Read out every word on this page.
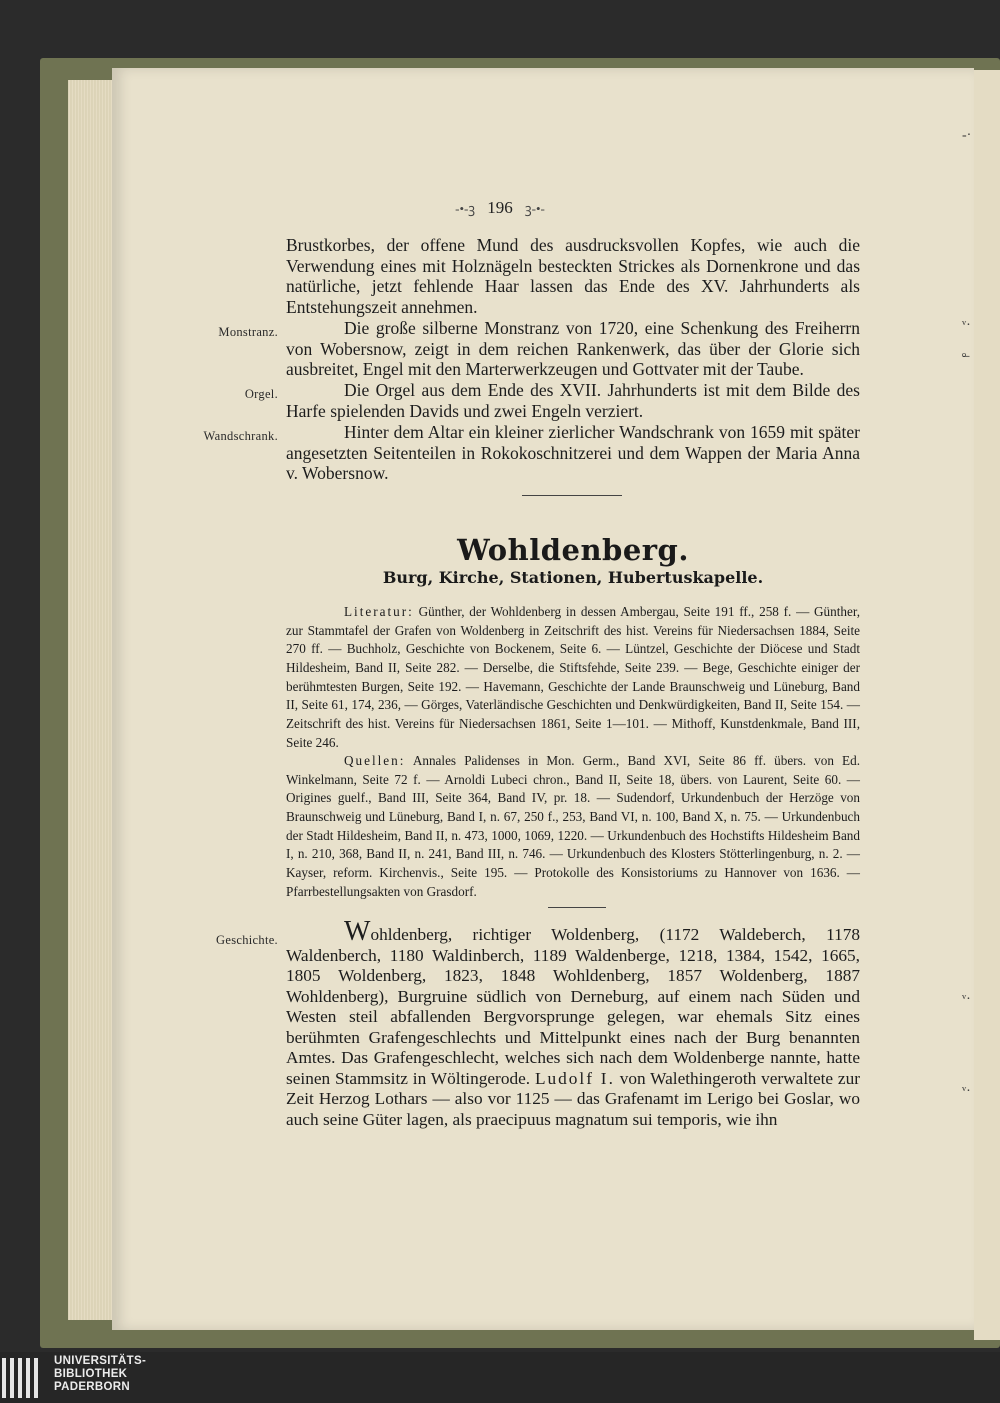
-·
ᵛ·
ᵒ̶
ᵛ·
ᵛ·
-•-ꝫ 196 ꝫ-•-
Brustkorbes, der offene Mund des ausdrucksvollen Kopfes, wie auch die Verwendung eines mit Holznägeln besteckten Strickes als Dornenkrone und das natürliche, jetzt fehlende Haar lassen das Ende des XV. Jahrhunderts als Entstehungszeit annehmen.
Monstranz.	Die große silberne Monstranz von 1720, eine Schenkung des Freiherrn von Wobersnow, zeigt in dem reichen Rankenwerk, das über der Glorie sich ausbreitet, Engel mit den Marterwerkzeugen und Gottvater mit der Taube.
Orgel.	Die Orgel aus dem Ende des XVII. Jahrhunderts ist mit dem Bilde des Harfe spielenden Davids und zwei Engeln verziert.
Wandschrank.	Hinter dem Altar ein kleiner zierlicher Wandschrank von 1659 mit später angesetzten Seitenteilen in Rokokoschnitzerei und dem Wappen der Maria Anna v. Wobersnow.
Wohldenberg.
Burg, Kirche, Stationen, Hubertuskapelle.
Literatur: Günther, der Wohldenberg in dessen Ambergau, Seite 191 ff., 258 f. — Günther, zur Stammtafel der Grafen von Woldenberg in Zeitschrift des hist. Vereins für Niedersachsen 1884, Seite 270 ff. — Buchholz, Geschichte von Bockenem, Seite 6. — Lüntzel, Geschichte der Diöcese und Stadt Hildesheim, Band II, Seite 282. — Derselbe, die Stiftsfehde, Seite 239. — Bege, Geschichte einiger der berühmtesten Burgen, Seite 192. — Havemann, Geschichte der Lande Braunschweig und Lüneburg, Band II, Seite 61, 174, 236, — Görges, Vaterländische Geschichten und Denkwürdigkeiten, Band II, Seite 154. — Zeitschrift des hist. Vereins für Niedersachsen 1861, Seite 1—101. — Mithoff, Kunstdenkmale, Band III, Seite 246.
Quellen: Annales Palidenses in Mon. Germ., Band XVI, Seite 86 ff. übers. von Ed. Winkelmann, Seite 72 f. — Arnoldi Lubeci chron., Band II, Seite 18, übers. von Laurent, Seite 60. — Origines guelf., Band III, Seite 364, Band IV, pr. 18. — Sudendorf, Urkundenbuch der Herzöge von Braunschweig und Lüneburg, Band I, n. 67, 250 f., 253, Band VI, n. 100, Band X, n. 75. — Urkundenbuch der Stadt Hildesheim, Band II, n. 473, 1000, 1069, 1220. — Urkundenbuch des Hochstifts Hildesheim Band I, n. 210, 368, Band II, n. 241, Band III, n. 746. — Urkundenbuch des Klosters Stötterlingenburg, n. 2. — Kayser, reform. Kirchenvis., Seite 195. — Protokolle des Konsistoriums zu Hannover von 1636. — Pfarrbestellungsakten von Grasdorf.
Geschichte.	Wohldenberg, richtiger Woldenberg, (1172 Waldeberch, 1178 Waldenberch, 1180 Waldinberch, 1189 Waldenberge, 1218, 1384, 1542, 1665, 1805 Woldenberg, 1823, 1848 Wohldenberg, 1857 Woldenberg, 1887 Wohldenberg), Burgruine südlich von Derneburg, auf einem nach Süden und Westen steil abfallenden Bergvorsprunge gelegen, war ehemals Sitz eines berühmten Grafengeschlechts und Mittelpunkt eines nach der Burg benannten Amtes. Das Grafengeschlecht, welches sich nach dem Woldenberge nannte, hatte seinen Stammsitz in Wöltingerode. Ludolf I. von Walethingeroth verwaltete zur Zeit Herzog Lothars — also vor 1125 — das Grafenamt im Lerigo bei Goslar, wo auch seine Güter lagen, als praecipuus magnatum sui temporis, wie ihn
UNIVERSITÄTS-
BIBLIOTHEK
PADERBORN
